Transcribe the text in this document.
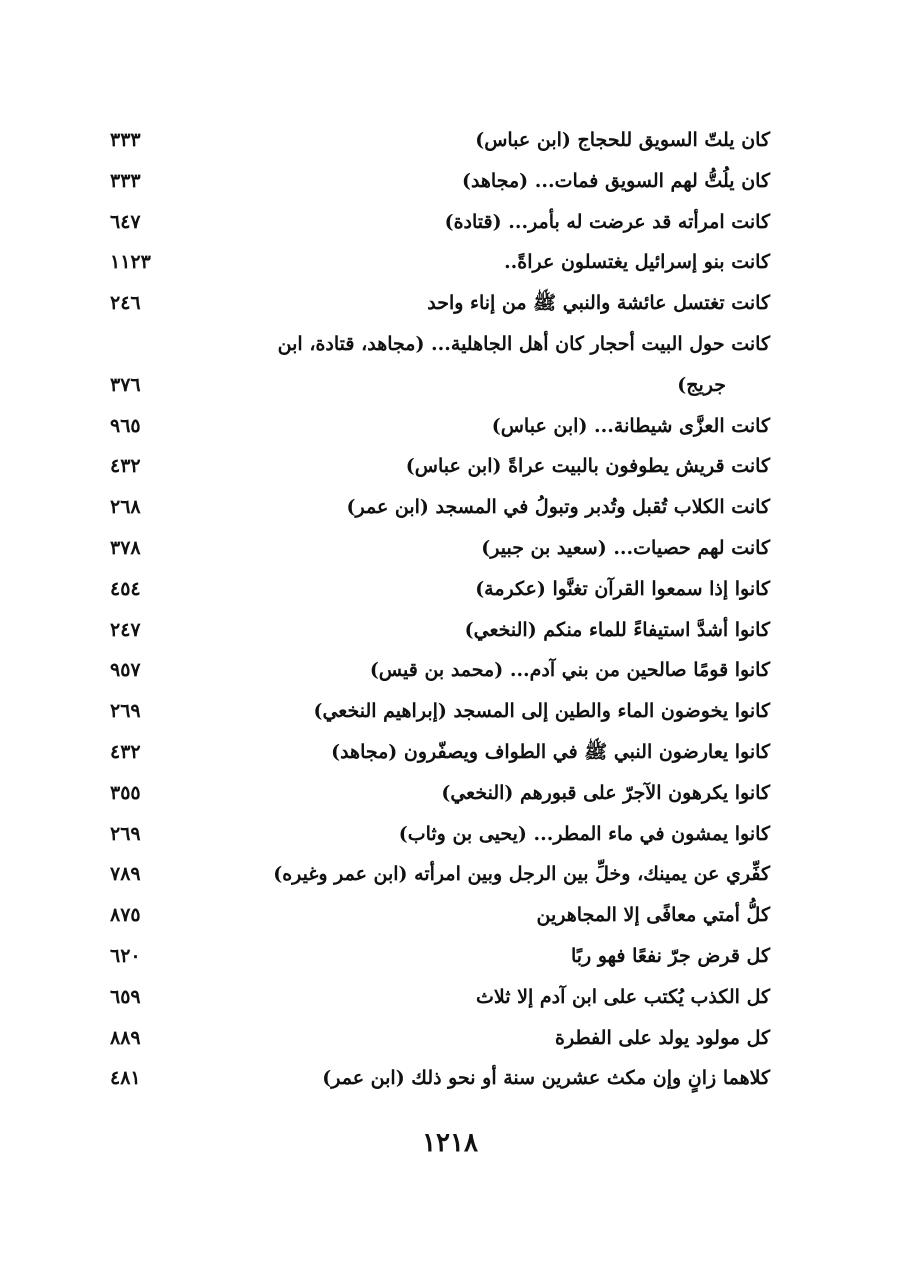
كان يلتّ السويق للحجاج (ابن عباس)
٣٣٣
كان يلُتُّ لهم السويق فمات... (مجاهد)
٣٣٣
كانت امرأته قد عرضت له بأمر... (قتادة)
٦٤٧
كانت بنو إسرائيل يغتسلون عراةً..
١١٢٣
كانت تغتسل عائشة والنبي ﷺ من إناء واحد
٢٤٦
كانت حول البيت أحجار كان أهل الجاهلية... (مجاهد، قتادة، ابن
جريج)
٣٧٦
كانت العزَّى شيطانة... (ابن عباس)
٩٦٥
كانت قريش يطوفون بالبيت عراةً (ابن عباس)
٤٣٢
كانت الكلاب تُقبل وتُدبر وتبولُ في المسجد (ابن عمر)
٢٦٨
كانت لهم حصيات... (سعيد بن جبير)
٣٧٨
كانوا إذا سمعوا القرآن تغنَّوا (عكرمة)
٤٥٤
كانوا أشدَّ استيفاءً للماء منكم (النخعي)
٢٤٧
كانوا قومًا صالحين من بني آدم... (محمد بن قيس)
٩٥٧
كانوا يخوضون الماء والطين إلى المسجد (إبراهيم النخعي)
٢٦٩
كانوا يعارضون النبي ﷺ في الطواف ويصفّرون (مجاهد)
٤٣٢
كانوا يكرهون الآجرّ على قبورهم (النخعي)
٣٥٥
كانوا يمشون في ماء المطر... (يحيى بن وثاب)
٢٦٩
كفِّري عن يمينك، وخلِّ بين الرجل وبين امرأته (ابن عمر وغيره)
٧٨٩
كلُّ أمتي معافًى إلا المجاهرين
٨٧٥
كل قرض جرّ نفعًا فهو ربًا
٦٢٠
كل الكذب يُكتب على ابن آدم إلا ثلاث
٦٥٩
كل مولود يولد على الفطرة
٨٨٩
كلاهما زانٍ وإن مكث عشرين سنة أو نحو ذلك (ابن عمر)
٤٨١
١٢١٨
